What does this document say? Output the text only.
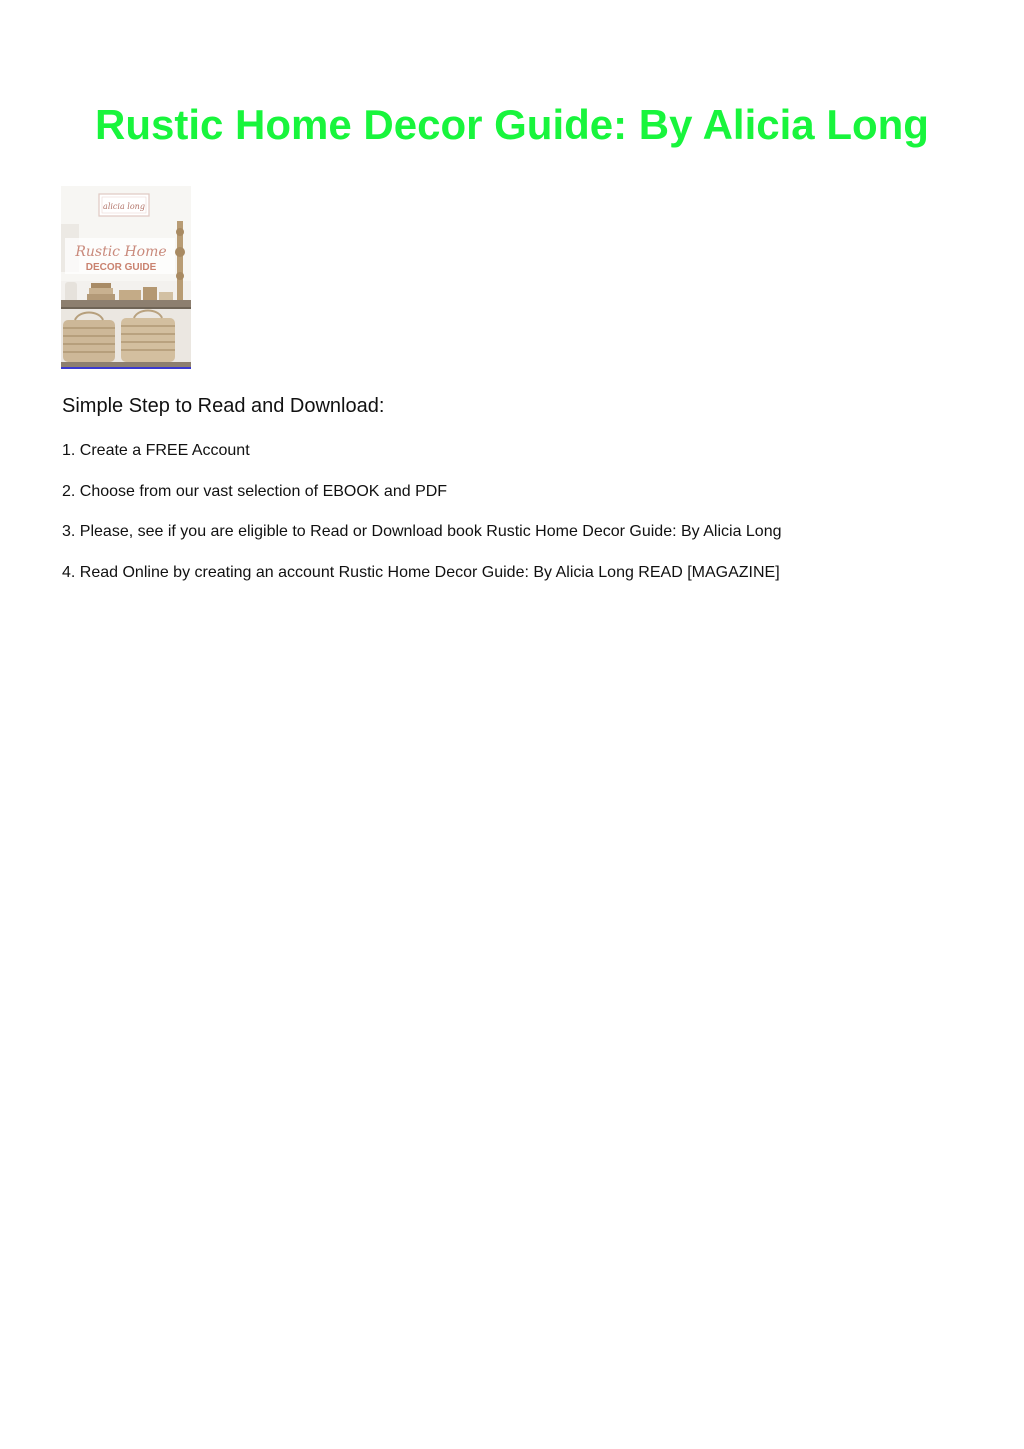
Rustic Home Decor Guide: By Alicia Long
alicia long
Rustic Home
DECOR GUIDE
Simple Step to Read and Download:
1. Create a FREE Account
2. Choose from our vast selection of EBOOK and PDF
3. Please, see if you are eligible to Read or Download book Rustic Home Decor Guide: By Alicia Long
4. Read Online by creating an account Rustic Home Decor Guide: By Alicia Long READ [MAGAZINE]
